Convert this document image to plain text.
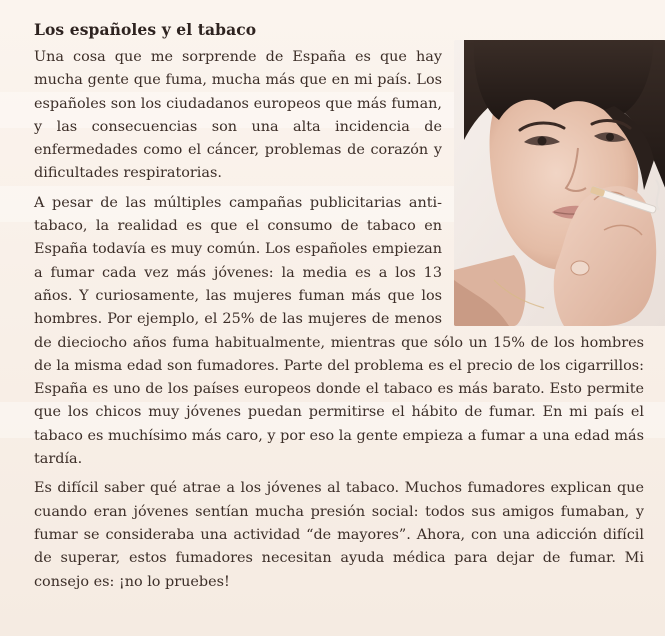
Los españoles y el tabaco

Una cosa que me sorprende de España es que hay mucha gente que fuma, mucha más que en mi país. Los españoles son los ciudadanos europeos que más fuman, y las consecuencias son una alta incidencia de enfermedades como el cáncer, problemas de corazón y dificultades respiratorias.

A pesar de las múltiples campañas publicitarias anti-tabaco, la realidad es que el consumo de tabaco en España todavía es muy común. Los españoles empiezan a fumar cada vez más jóvenes: la media es a los 13 años. Y curiosamente, las mujeres fuman más que los hombres. Por ejemplo, el 25% de las mujeres de menos de dieciocho años fuma habitualmente, mientras que sólo un 15% de los hombres de la misma edad son fumadores. Parte del problema es el precio de los cigarrillos: España es uno de los países europeos donde el tabaco es más barato. Esto permite que los chicos muy jóvenes puedan permitirse el hábito de fumar. En mi país el tabaco es muchísimo más caro, y por eso la gente empieza a fumar a una edad más tardía.

Es difícil saber qué atrae a los jóvenes al tabaco. Muchos fumadores explican que cuando eran jóvenes sentían mucha presión social: todos sus amigos fumaban, y fumar se consideraba una actividad “de mayores”. Ahora, con una adicción difícil de superar, estos fumadores necesitan ayuda médica para dejar de fumar. Mi consejo es: ¡no lo pruebes!
